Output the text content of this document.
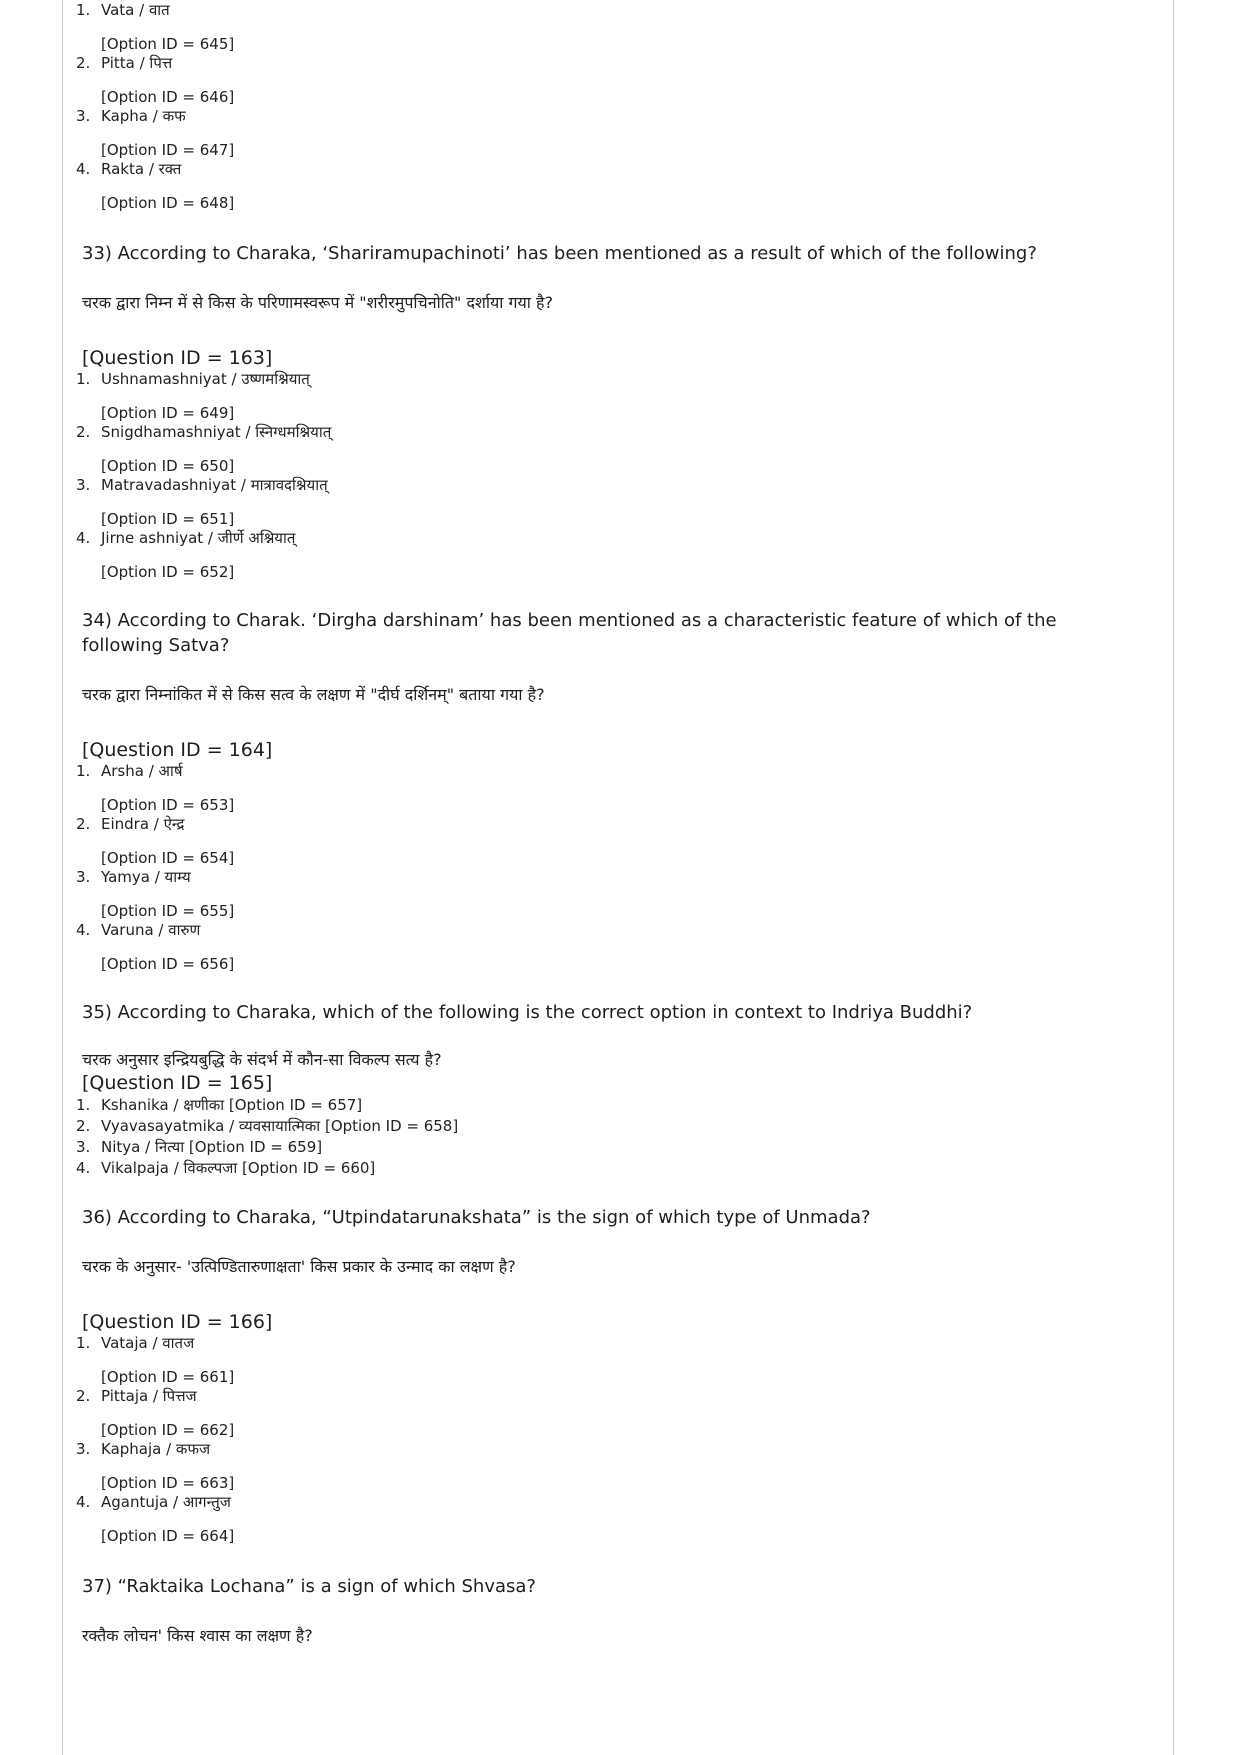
1. Vata / वात
[Option ID = 645]
2. Pitta / पित्त
[Option ID = 646]
3. Kapha / कफ
[Option ID = 647]
4. Rakta / रक्त
[Option ID = 648]
33) According to Charaka, ‘Shariramupachinoti’ has been mentioned as a result of which of the following?
चरक द्वारा निम्न में से किस के परिणामस्वरूप में "शरीरमुपचिनोति" दर्शाया गया है?
[Question ID = 163]
1. Ushnamashniyat / उष्णमश्नियात्
[Option ID = 649]
2. Snigdhamashniyat / स्निग्धमश्नियात्
[Option ID = 650]
3. Matravadashniyat / मात्रावदश्नियात्
[Option ID = 651]
4. Jirne ashniyat / जीर्णे अश्नियात्
[Option ID = 652]
34) According to Charak. ‘Dirgha darshinam’ has been mentioned as a characteristic feature of which of the following Satva?
चरक द्वारा निम्नांकित में से किस सत्व के लक्षण में "दीर्घ दर्शिनम्" बताया गया है?
[Question ID = 164]
1. Arsha / आर्ष
[Option ID = 653]
2. Eindra / ऐन्द्र
[Option ID = 654]
3. Yamya / याम्य
[Option ID = 655]
4. Varuna / वारुण
[Option ID = 656]
35) According to Charaka, which of the following is the correct option in context to Indriya Buddhi?
चरक अनुसार इन्द्रियबुद्धि के संदर्भ में कौन-सा विकल्प सत्य है?
[Question ID = 165]
1. Kshanika / क्षणीका [Option ID = 657]
2. Vyavasayatmika / व्यवसायात्मिका [Option ID = 658]
3. Nitya / नित्या [Option ID = 659]
4. Vikalpaja / विकल्पजा [Option ID = 660]
36) According to Charaka, “Utpindatarunakshata” is the sign of which type of Unmada?
चरक के अनुसार- 'उत्पिण्डितारुणाक्षता' किस प्रकार के उन्माद का लक्षण है?
[Question ID = 166]
1. Vataja / वातज
[Option ID = 661]
2. Pittaja / पित्तज
[Option ID = 662]
3. Kaphaja / कफज
[Option ID = 663]
4. Agantuja / आगन्तुज
[Option ID = 664]
37) “Raktaika Lochana” is a sign of which Shvasa?
रक्तैक लोचन' किस श्वास का लक्षण है?
